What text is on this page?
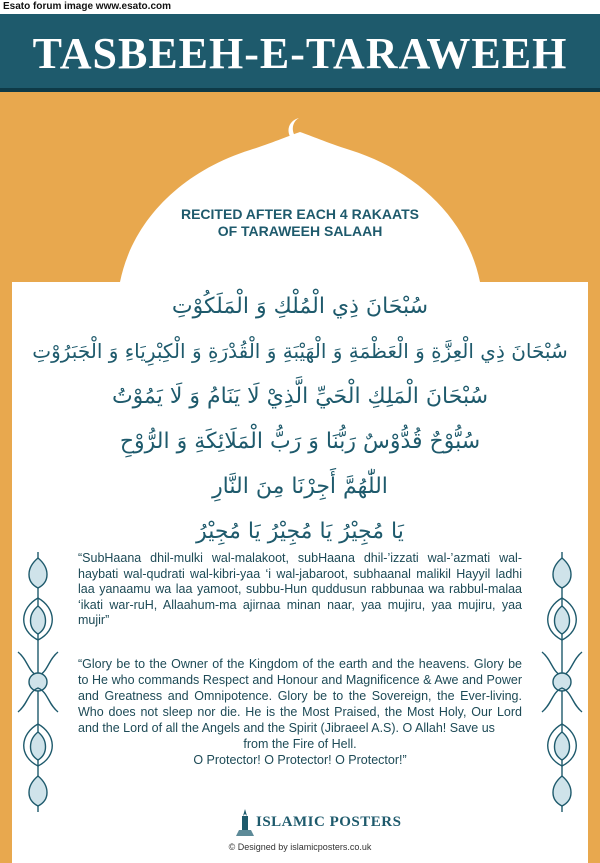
Esato forum image www.esato.com
TASBEEH-E-TARAWEEH
RECITED AFTER EACH 4 RAKAATS
OF TARAWEEH SALAAH
سُبْحَانَ ذِي الْمُلْكِ وَ الْمَلَكُوْتِ
سُبْحَانَ ذِي الْعِزَّةِ وَ الْعَظْمَةِ وَ الْهَيْبَةِ وَ الْقُدْرَةِ وَ الْكِبْرِيَاءِ وَ الْجَبَرُوْتِ
سُبْحَانَ الْمَلِكِ الْحَيِّ الَّذِيْ لَا يَنَامُ وَ لَا يَمُوْتُ
سُبُّوْحٌ قُدُّوْسٌ رَبُّنَا وَ رَبُّ الْمَلَائِكَةِ وَ الرُّوْحِ
اللّٰهُمَّ أَجِرْنَا مِنَ النَّارِ
يَا مُجِيْرُ يَا مُجِيْرُ يَا مُجِيْرُ
“SubHaana dhil-mulki wal-malakoot, subHaana dhil-’izzati wal-’azmati wal-haybati wal-qudrati wal-kibri-yaa ‘i wal-jabaroot, subhaanal malikil Hayyil ladhi laa yanaamu wa laa yamoot, subbu-Hun quddusun rabbunaa wa rabbul-malaa ‘ikati war-ruH, Allaahum-ma ajirnaa minan naar, yaa mujiru, yaa mujiru, yaa mujir”
“Glory be to the Owner of the Kingdom of the earth and the heavens. Glory be to He who commands Respect and Honour and Magnificence & Awe and Power and Greatness and Omnipotence. Glory be to the Sovereign, the Ever-living. Who does not sleep nor die. He is the Most Praised, the Most Holy, Our Lord and the Lord of all the Angels and the Spirit (Jibraeel A.S). O Allah! Save us
from the Fire of Hell.
O Protector! O Protector! O Protector!”
ISLAMIC POSTERS
© Designed by islamicposters.co.uk
